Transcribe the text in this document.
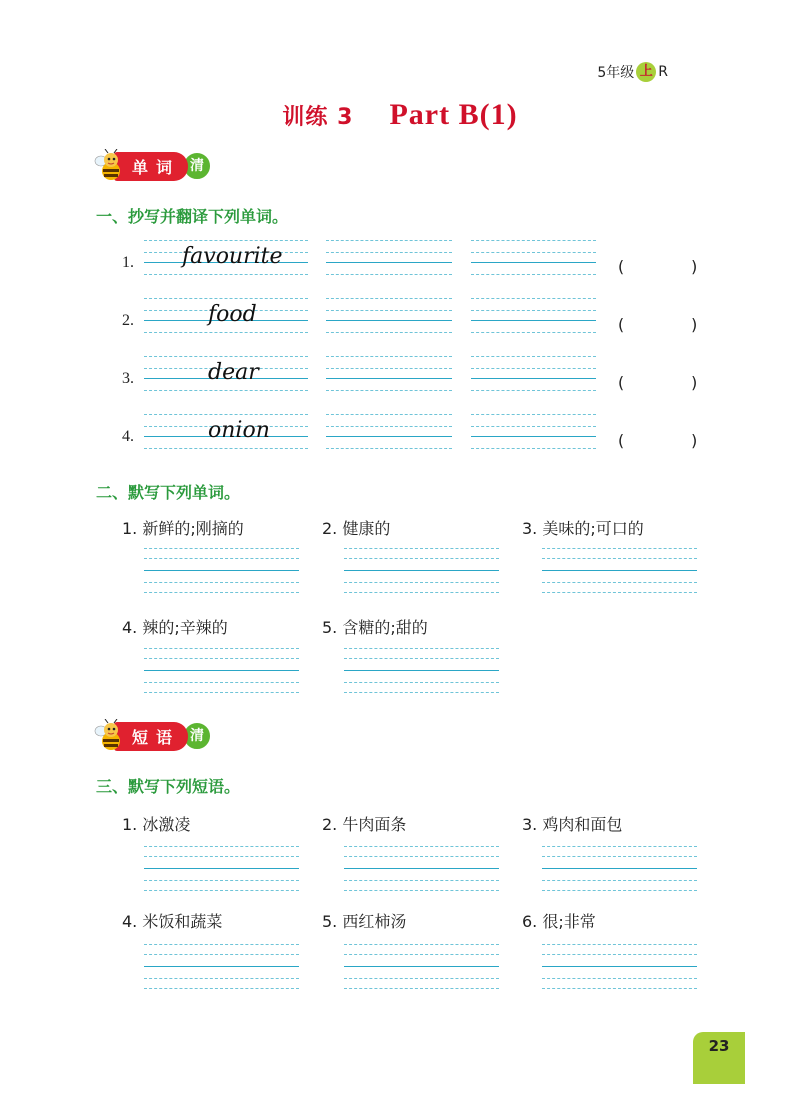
5年级 上 R
训练 3 Part B(1)
单词 清
一、抄写并翻译下列单词。
1. favourite	(　　　　)
2.	food	(　　　　)
3.	dear	(　　　　)
4.	onion	(　　　　)
二、默写下列单词。
1. 新鲜的;刚摘的	2. 健康的	3. 美味的;可口的
4. 辣的;辛辣的	5. 含糖的;甜的
短语 清
三、默写下列短语。
1. 冰激凌	2. 牛肉面条	3. 鸡肉和面包
4. 米饭和蔬菜	5. 西红柿汤	6. 很;非常
23
